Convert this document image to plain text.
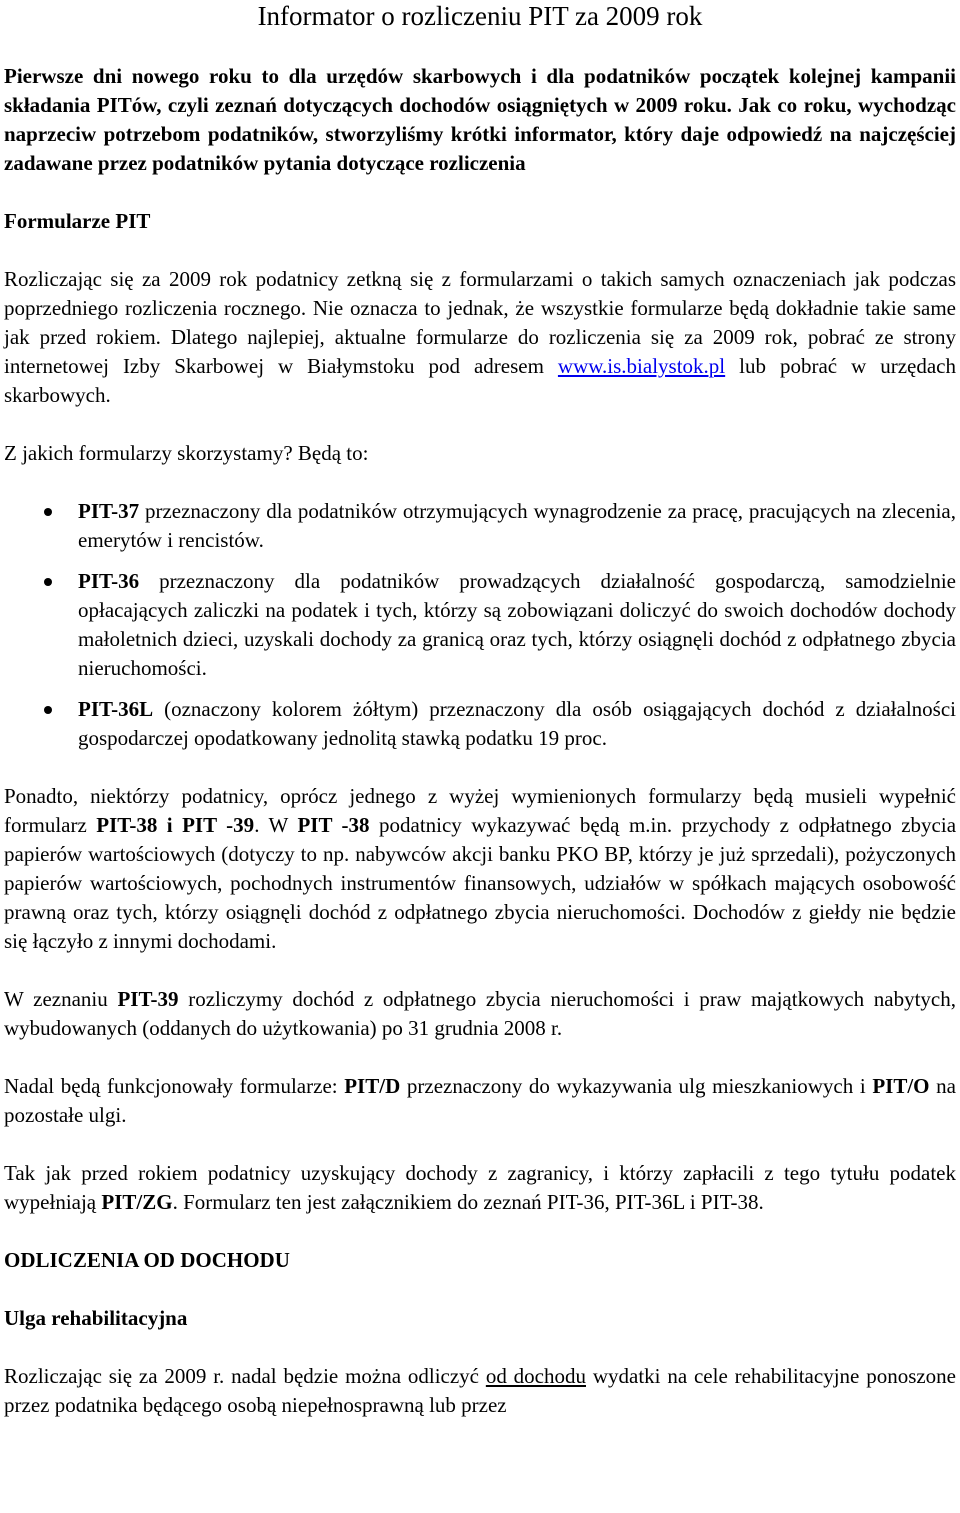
Informator o rozliczeniu PIT za 2009 rok

Pierwsze dni nowego roku to dla urzędów skarbowych i dla podatników początek kolejnej kampanii składania PITów, czyli zeznań dotyczących dochodów osiągniętych w 2009 roku. Jak co roku, wychodząc naprzeciw potrzebom podatników, stworzyliśmy krótki informator, który daje odpowiedź na najczęściej zadawane przez podatników pytania dotyczące rozliczenia

Formularze PIT

Rozliczając się za 2009 rok podatnicy zetkną się z formularzami o takich samych oznaczeniach jak podczas poprzedniego rozliczenia rocznego. Nie oznacza to jednak, że wszystkie formularze będą dokładnie takie same jak przed rokiem. Dlatego najlepiej, aktualne formularze do rozliczenia się za 2009 rok, pobrać ze strony internetowej Izby Skarbowej w Białymstoku pod adresem www.is.bialystok.pl lub pobrać w urzędach skarbowych.

Z jakich formularzy skorzystamy? Będą to:

PIT-37 przeznaczony dla podatników otrzymujących wynagrodzenie za pracę, pracujących na zlecenia, emerytów i rencistów.
PIT-36 przeznaczony dla podatników prowadzących działalność gospodarczą, samodzielnie opłacających zaliczki na podatek i tych, którzy są zobowiązani doliczyć do swoich dochodów dochody małoletnich dzieci, uzyskali dochody za granicą oraz tych, którzy osiągnęli dochód z odpłatnego zbycia nieruchomości.
PIT-36L (oznaczony kolorem żółtym) przeznaczony dla osób osiągających dochód z działalności gospodarczej opodatkowany jednolitą stawką podatku 19 proc.

Ponadto, niektórzy podatnicy, oprócz jednego z wyżej wymienionych formularzy będą musieli wypełnić formularz PIT-38 i PIT -39. W PIT -38 podatnicy wykazywać będą m.in. przychody z odpłatnego zbycia papierów wartościowych (dotyczy to np. nabywców akcji banku PKO BP, którzy je już sprzedali), pożyczonych papierów wartościowych, pochodnych instrumentów finansowych, udziałów w spółkach mających osobowość prawną oraz tych, którzy osiągnęli dochód z odpłatnego zbycia nieruchomości. Dochodów z giełdy nie będzie się łączyło z innymi dochodami.

W zeznaniu PIT-39 rozliczymy dochód z odpłatnego zbycia nieruchomości i praw majątkowych nabytych, wybudowanych (oddanych do użytkowania) po 31 grudnia 2008 r.

Nadal będą funkcjonowały formularze: PIT/D przeznaczony do wykazywania ulg mieszkaniowych i PIT/O na pozostałe ulgi.

Tak jak przed rokiem podatnicy uzyskujący dochody z zagranicy, i którzy zapłacili z tego tytułu podatek wypełniają PIT/ZG. Formularz ten jest załącznikiem do zeznań PIT-36, PIT-36L i PIT-38.

ODLICZENIA OD DOCHODU

Ulga rehabilitacyjna

Rozliczając się za 2009 r. nadal będzie można odliczyć od dochodu wydatki na cele rehabilitacyjne ponoszone przez podatnika będącego osobą niepełnosprawną lub przez
